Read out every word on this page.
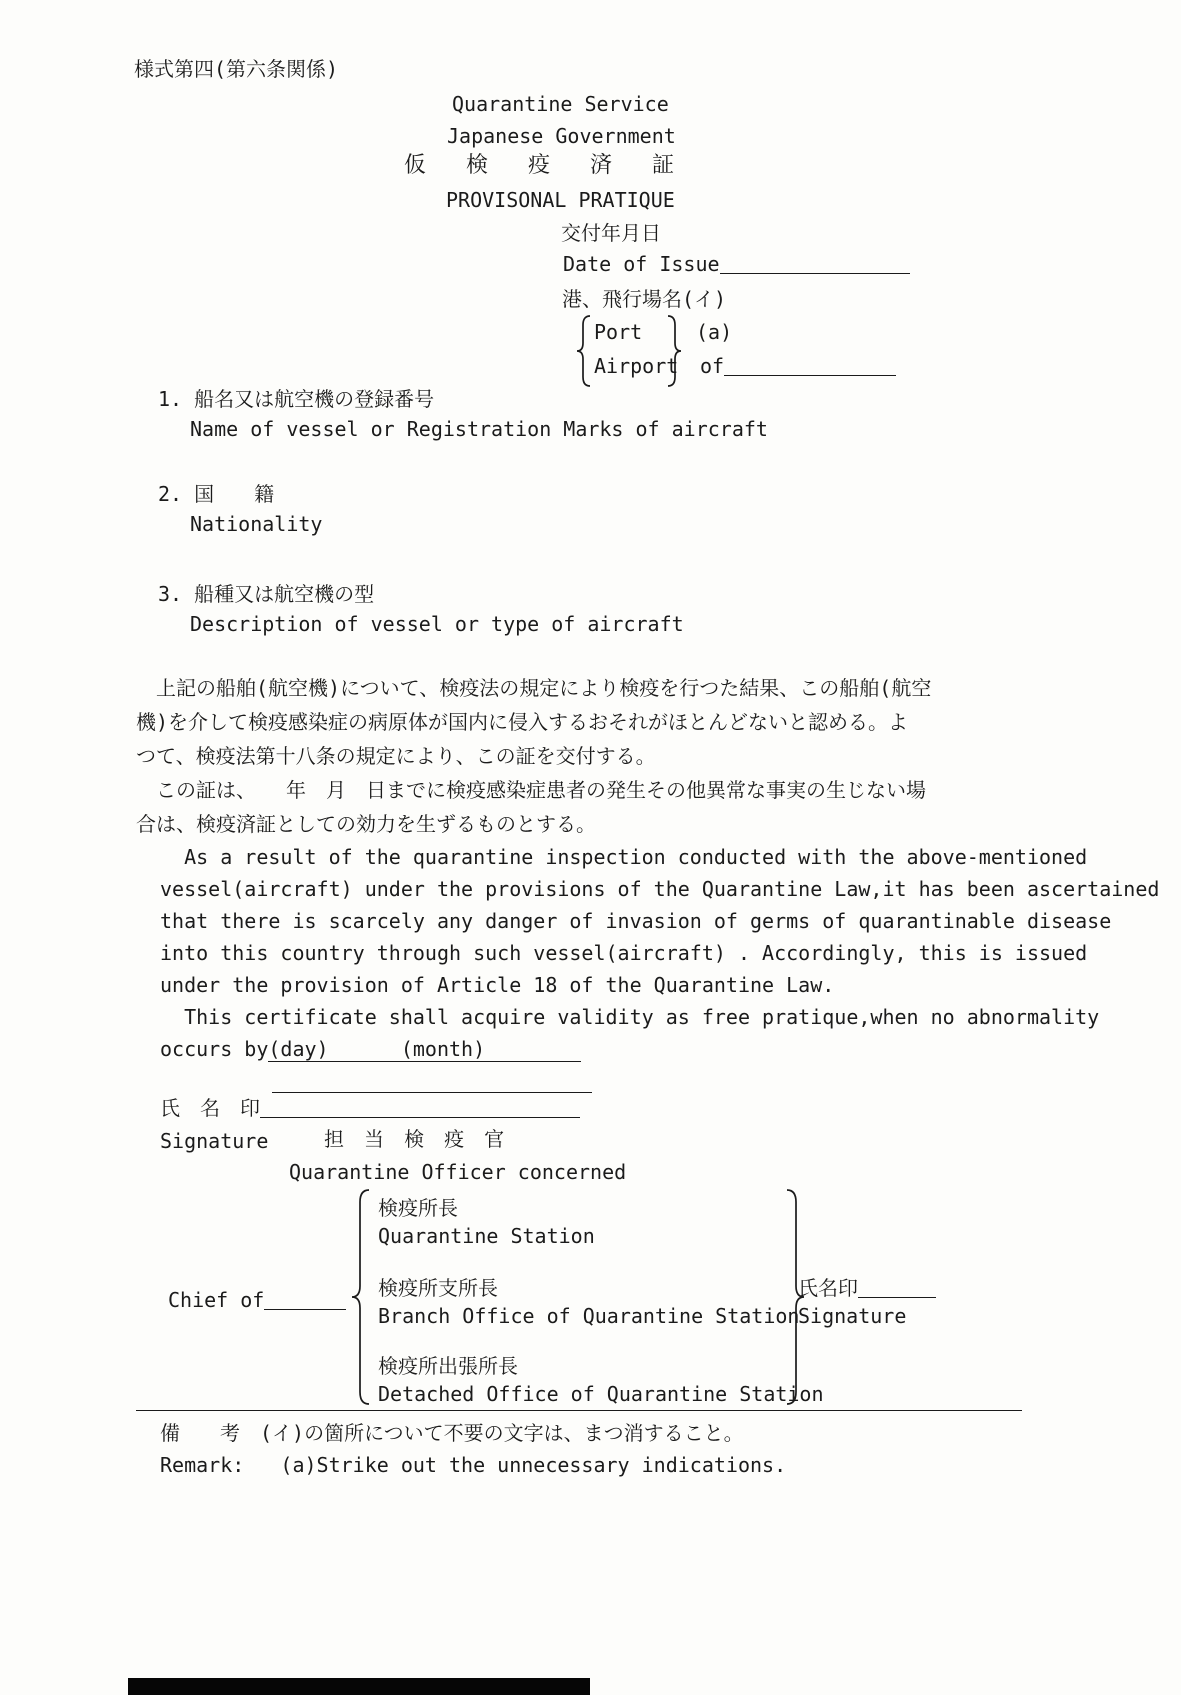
様式第四(第六条関係)
Quarantine Service
Japanese Government
仮　検　疫　済　証
PROVISONAL PRATIQUE
交付年月日
Date of Issue
港、飛行場名(イ)
Port
Airport
(a)
of
1. 船名又は航空機の登録番号
Name of vessel or Registration Marks of aircraft
2. 国　　籍
Nationality
3. 船種又は航空機の型
Description of vessel or type of aircraft
　上記の船舶(航空機)について、検疫法の規定により検疫を行つた結果、この船舶(航空
機)を介して検疫感染症の病原体が国内に侵入するおそれがほとんどないと認める。よ
つて、検疫法第十八条の規定により、この証を交付する。
　この証は、　　年　月　日までに検疫感染症患者の発生その他異常な事実の生じない場
合は、検疫済証としての効力を生ずるものとする。
As a result of the quarantine inspection conducted with the above-mentioned
vessel(aircraft) under the provisions of the Quarantine Law,it has been ascertained
that there is scarcely any danger of invasion of germs of quarantinable disease
into this country through such vessel(aircraft) . Accordingly, this is issued
under the provision of Article 18 of the Quarantine Law.
This certificate shall acquire validity as free pratique,when no abnormality
occurs by(day)      (month)
氏　名　印
Signature	担 当 検 疫 官
Quarantine Officer concerned
Chief of
検疫所長
Quarantine Station
検疫所支所長
Branch Office of Quarantine Station
検疫所出張所長
Detached Office of Quarantine Station
氏名印
Signature
備　　考　(イ)の箇所について不要の文字は、まつ消すること。
Remark:   (a)Strike out the unnecessary indications.
